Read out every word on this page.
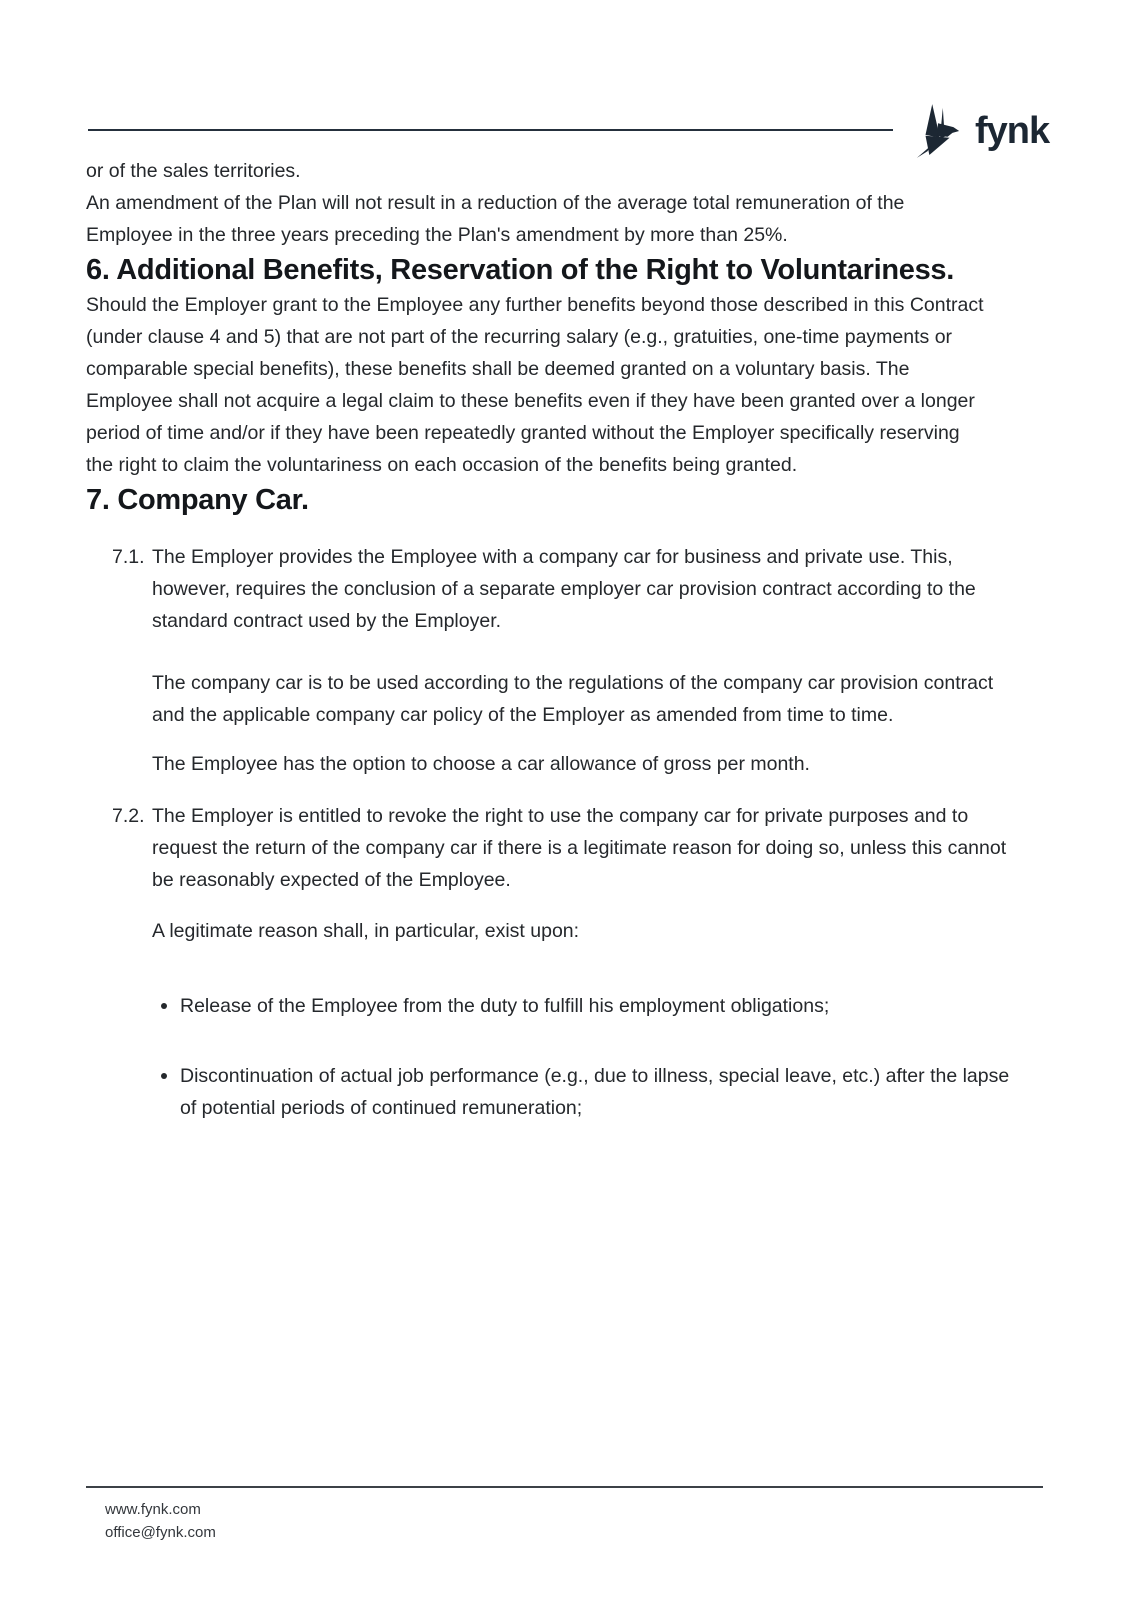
fynk

or of the sales territories.

An amendment of the Plan will not result in a reduction of the average total remuneration of the Employee in the three years preceding the Plan's amendment by more than 25%.

6. Additional Benefits, Reservation of the Right to Voluntariness.

Should the Employer grant to the Employee any further benefits beyond those described in this Contract (under clause 4 and 5) that are not part of the recurring salary (e.g., gratuities, one-time payments or comparable special benefits), these benefits shall be deemed granted on a voluntary basis. The Employee shall not acquire a legal claim to these benefits even if they have been granted over a longer period of time and/or if they have been repeatedly granted without the Employer specifically reserving the right to claim the voluntariness on each occasion of the benefits being granted.

7. Company Car.
7.1. The Employer provides the Employee with a company car for business and private use. This, however, requires the conclusion of a separate employer car provision contract according to the standard contract used by the Employer.

The company car is to be used according to the regulations of the company car provision contract and the applicable company car policy of the Employer as amended from time to time.

The Employee has the option to choose a car allowance of gross per month.

7.2. The Employer is entitled to revoke the right to use the company car for private purposes and to request the return of the company car if there is a legitimate reason for doing so, unless this cannot be reasonably expected of the Employee.

A legitimate reason shall, in particular, exist upon:

Release of the Employee from the duty to fulfill his employment obligations;
Discontinuation of actual job performance (e.g., due to illness, special leave, etc.) after the lapse of potential periods of continued remuneration;

www.fynk.com

office@fynk.com
